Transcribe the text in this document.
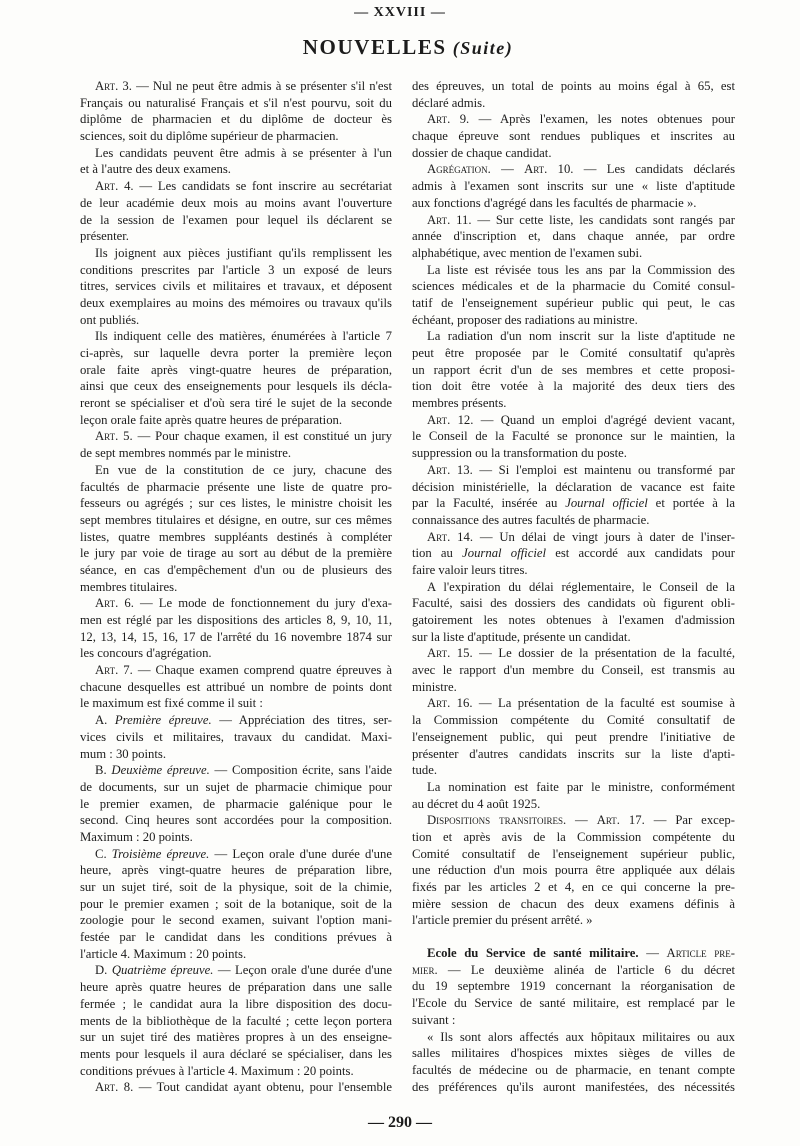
— XXVIII —
NOUVELLES (Suite)
Art. 3. — Nul ne peut être admis à se présenter s'il n'est
Français ou naturalisé Français et s'il n'est pourvu, soit du
diplôme de pharmacien et du diplôme de docteur ès
sciences, soit du diplôme supérieur de pharmacien.
Les candidats peuvent être admis à se présenter à l'un
et à l'autre des deux examens.
Art. 4. — Les candidats se font inscrire au secrétariat
de leur académie deux mois au moins avant l'ouverture
de la session de l'examen pour lequel ils déclarent se
présenter.
Ils joignent aux pièces justifiant qu'ils remplissent les
conditions prescrites par l'article 3 un exposé de leurs
titres, services civils et militaires et travaux, et déposent
deux exemplaires au moins des mémoires ou travaux qu'ils
ont publiés.
Ils indiquent celle des matières, énumérées à l'article 7
ci-après, sur laquelle devra porter la première leçon
orale faite après vingt-quatre heures de préparation,
ainsi que ceux des enseignements pour lesquels ils décla-
reront se spécialiser et d'où sera tiré le sujet de la seconde
leçon orale faite après quatre heures de préparation.
Art. 5. — Pour chaque examen, il est constitué un jury
de sept membres nommés par le ministre.
En vue de la constitution de ce jury, chacune des
facultés de pharmacie présente une liste de quatre pro-
fesseurs ou agrégés ; sur ces listes, le ministre choisit les
sept membres titulaires et désigne, en outre, sur ces mêmes
listes, quatre membres suppléants destinés à compléter
le jury par voie de tirage au sort au début de la première
séance, en cas d'empêchement d'un ou de plusieurs des
membres titulaires.
Art. 6. — Le mode de fonctionnement du jury d'exa-
men est réglé par les dispositions des articles 8, 9, 10, 11,
12, 13, 14, 15, 16, 17 de l'arrêté du 16 novembre 1874 sur
les concours d'agrégation.
Art. 7. — Chaque examen comprend quatre épreuves à
chacune desquelles est attribué un nombre de points dont
le maximum est fixé comme il suit :
A. Première épreuve. — Appréciation des titres, ser-
vices civils et militaires, travaux du candidat. Maxi-
mum : 30 points.
B. Deuxième épreuve. — Composition écrite, sans l'aide
de documents, sur un sujet de pharmacie chimique pour
le premier examen, de pharmacie galénique pour le
second. Cinq heures sont accordées pour la composition.
Maximum : 20 points.
C. Troisième épreuve. — Leçon orale d'une durée d'une
heure, après vingt-quatre heures de préparation libre,
sur un sujet tiré, soit de la physique, soit de la chimie,
pour le premier examen ; soit de la botanique, soit de la
zoologie pour le second examen, suivant l'option mani-
festée par le candidat dans les conditions prévues à
l'article 4. Maximum : 20 points.
D. Quatrième épreuve. — Leçon orale d'une durée d'une
heure après quatre heures de préparation dans une salle
fermée ; le candidat aura la libre disposition des docu-
ments de la bibliothèque de la faculté ; cette leçon portera
sur un sujet tiré des matières propres à un des enseigne-
ments pour lesquels il aura déclaré se spécialiser, dans les
conditions prévues à l'article 4. Maximum : 20 points.
Art. 8. — Tout candidat ayant obtenu, pour l'ensemble
des épreuves, un total de points au moins égal à 65, est
déclaré admis.
Art. 9. — Après l'examen, les notes obtenues pour
chaque épreuve sont rendues publiques et inscrites au
dossier de chaque candidat.
Agrégation. — Art. 10. — Les candidats déclarés
admis à l'examen sont inscrits sur une « liste d'aptitude
aux fonctions d'agrégé dans les facultés de pharmacie ».
Art. 11. — Sur cette liste, les candidats sont rangés par
année d'inscription et, dans chaque année, par ordre
alphabétique, avec mention de l'examen subi.
La liste est révisée tous les ans par la Commission des
sciences médicales et de la pharmacie du Comité consul-
tatif de l'enseignement supérieur public qui peut, le cas
échéant, proposer des radiations au ministre.
La radiation d'un nom inscrit sur la liste d'aptitude ne
peut être proposée par le Comité consultatif qu'après
un rapport écrit d'un de ses membres et cette proposi-
tion doit être votée à la majorité des deux tiers des
membres présents.
Art. 12. — Quand un emploi d'agrégé devient vacant,
le Conseil de la Faculté se prononce sur le maintien, la
suppression ou la transformation du poste.
Art. 13. — Si l'emploi est maintenu ou transformé par
décision ministérielle, la déclaration de vacance est faite
par la Faculté, insérée au Journal officiel et portée à la
connaissance des autres facultés de pharmacie.
Art. 14. — Un délai de vingt jours à dater de l'inser-
tion au Journal officiel est accordé aux candidats pour
faire valoir leurs titres.
A l'expiration du délai réglementaire, le Conseil de la
Faculté, saisi des dossiers des candidats où figurent obli-
gatoirement les notes obtenues à l'examen d'admission
sur la liste d'aptitude, présente un candidat.
Art. 15. — Le dossier de la présentation de la faculté,
avec le rapport d'un membre du Conseil, est transmis au
ministre.
Art. 16. — La présentation de la faculté est soumise à
la Commission compétente du Comité consultatif de
l'enseignement public, qui peut prendre l'initiative de
présenter d'autres candidats inscrits sur la liste d'apti-
tude.
La nomination est faite par le ministre, conformément
au décret du 4 août 1925.
Dispositions transitoires. — Art. 17. — Par excep-
tion et après avis de la Commission compétente du
Comité consultatif de l'enseignement supérieur public,
une réduction d'un mois pourra être appliquée aux délais
fixés par les articles 2 et 4, en ce qui concerne la pre-
mière session de chacun des deux examens définis à
l'article premier du présent arrêté. »
Ecole du Service de santé militaire. — Article pre-
mier. — Le deuxième alinéa de l'article 6 du décret
du 19 septembre 1919 concernant la réorganisation de
l'Ecole du Service de santé militaire, est remplacé par le
suivant :
« Ils sont alors affectés aux hôpitaux militaires ou aux
salles militaires d'hospices mixtes sièges de villes de
facultés de médecine ou de pharmacie, en tenant compte
des préférences qu'ils auront manifestées, des nécessités
— 290 —
